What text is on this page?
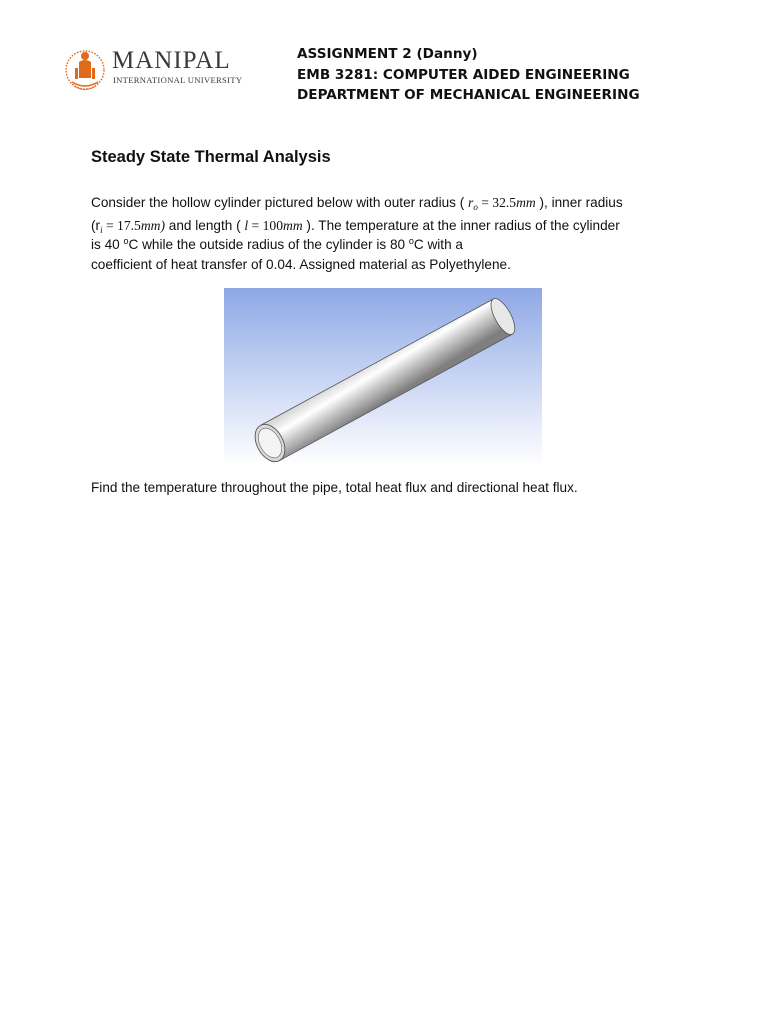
MANIPAL
INTERNATIONAL UNIVERSITY
ASSIGNMENT 2 (Danny)
EMB 3281: COMPUTER AIDED ENGINEERING
DEPARTMENT OF MECHANICAL ENGINEERING
Steady State Thermal Analysis
Consider the hollow cylinder pictured below with outer radius ( $r_o = 32.5mm$ ), inner radius
$(r_i = 17.5mm)$ and length ( l = 100mm ). The temperature at the inner radius of the cylinder
is 40 $^o$C while the outside radius of the cylinder is 80 $^o$C with a
coefficient of heat transfer of 0.04. Assigned material as Polyethylene.
Find the temperature throughout the pipe, total heat flux and directional heat flux.
